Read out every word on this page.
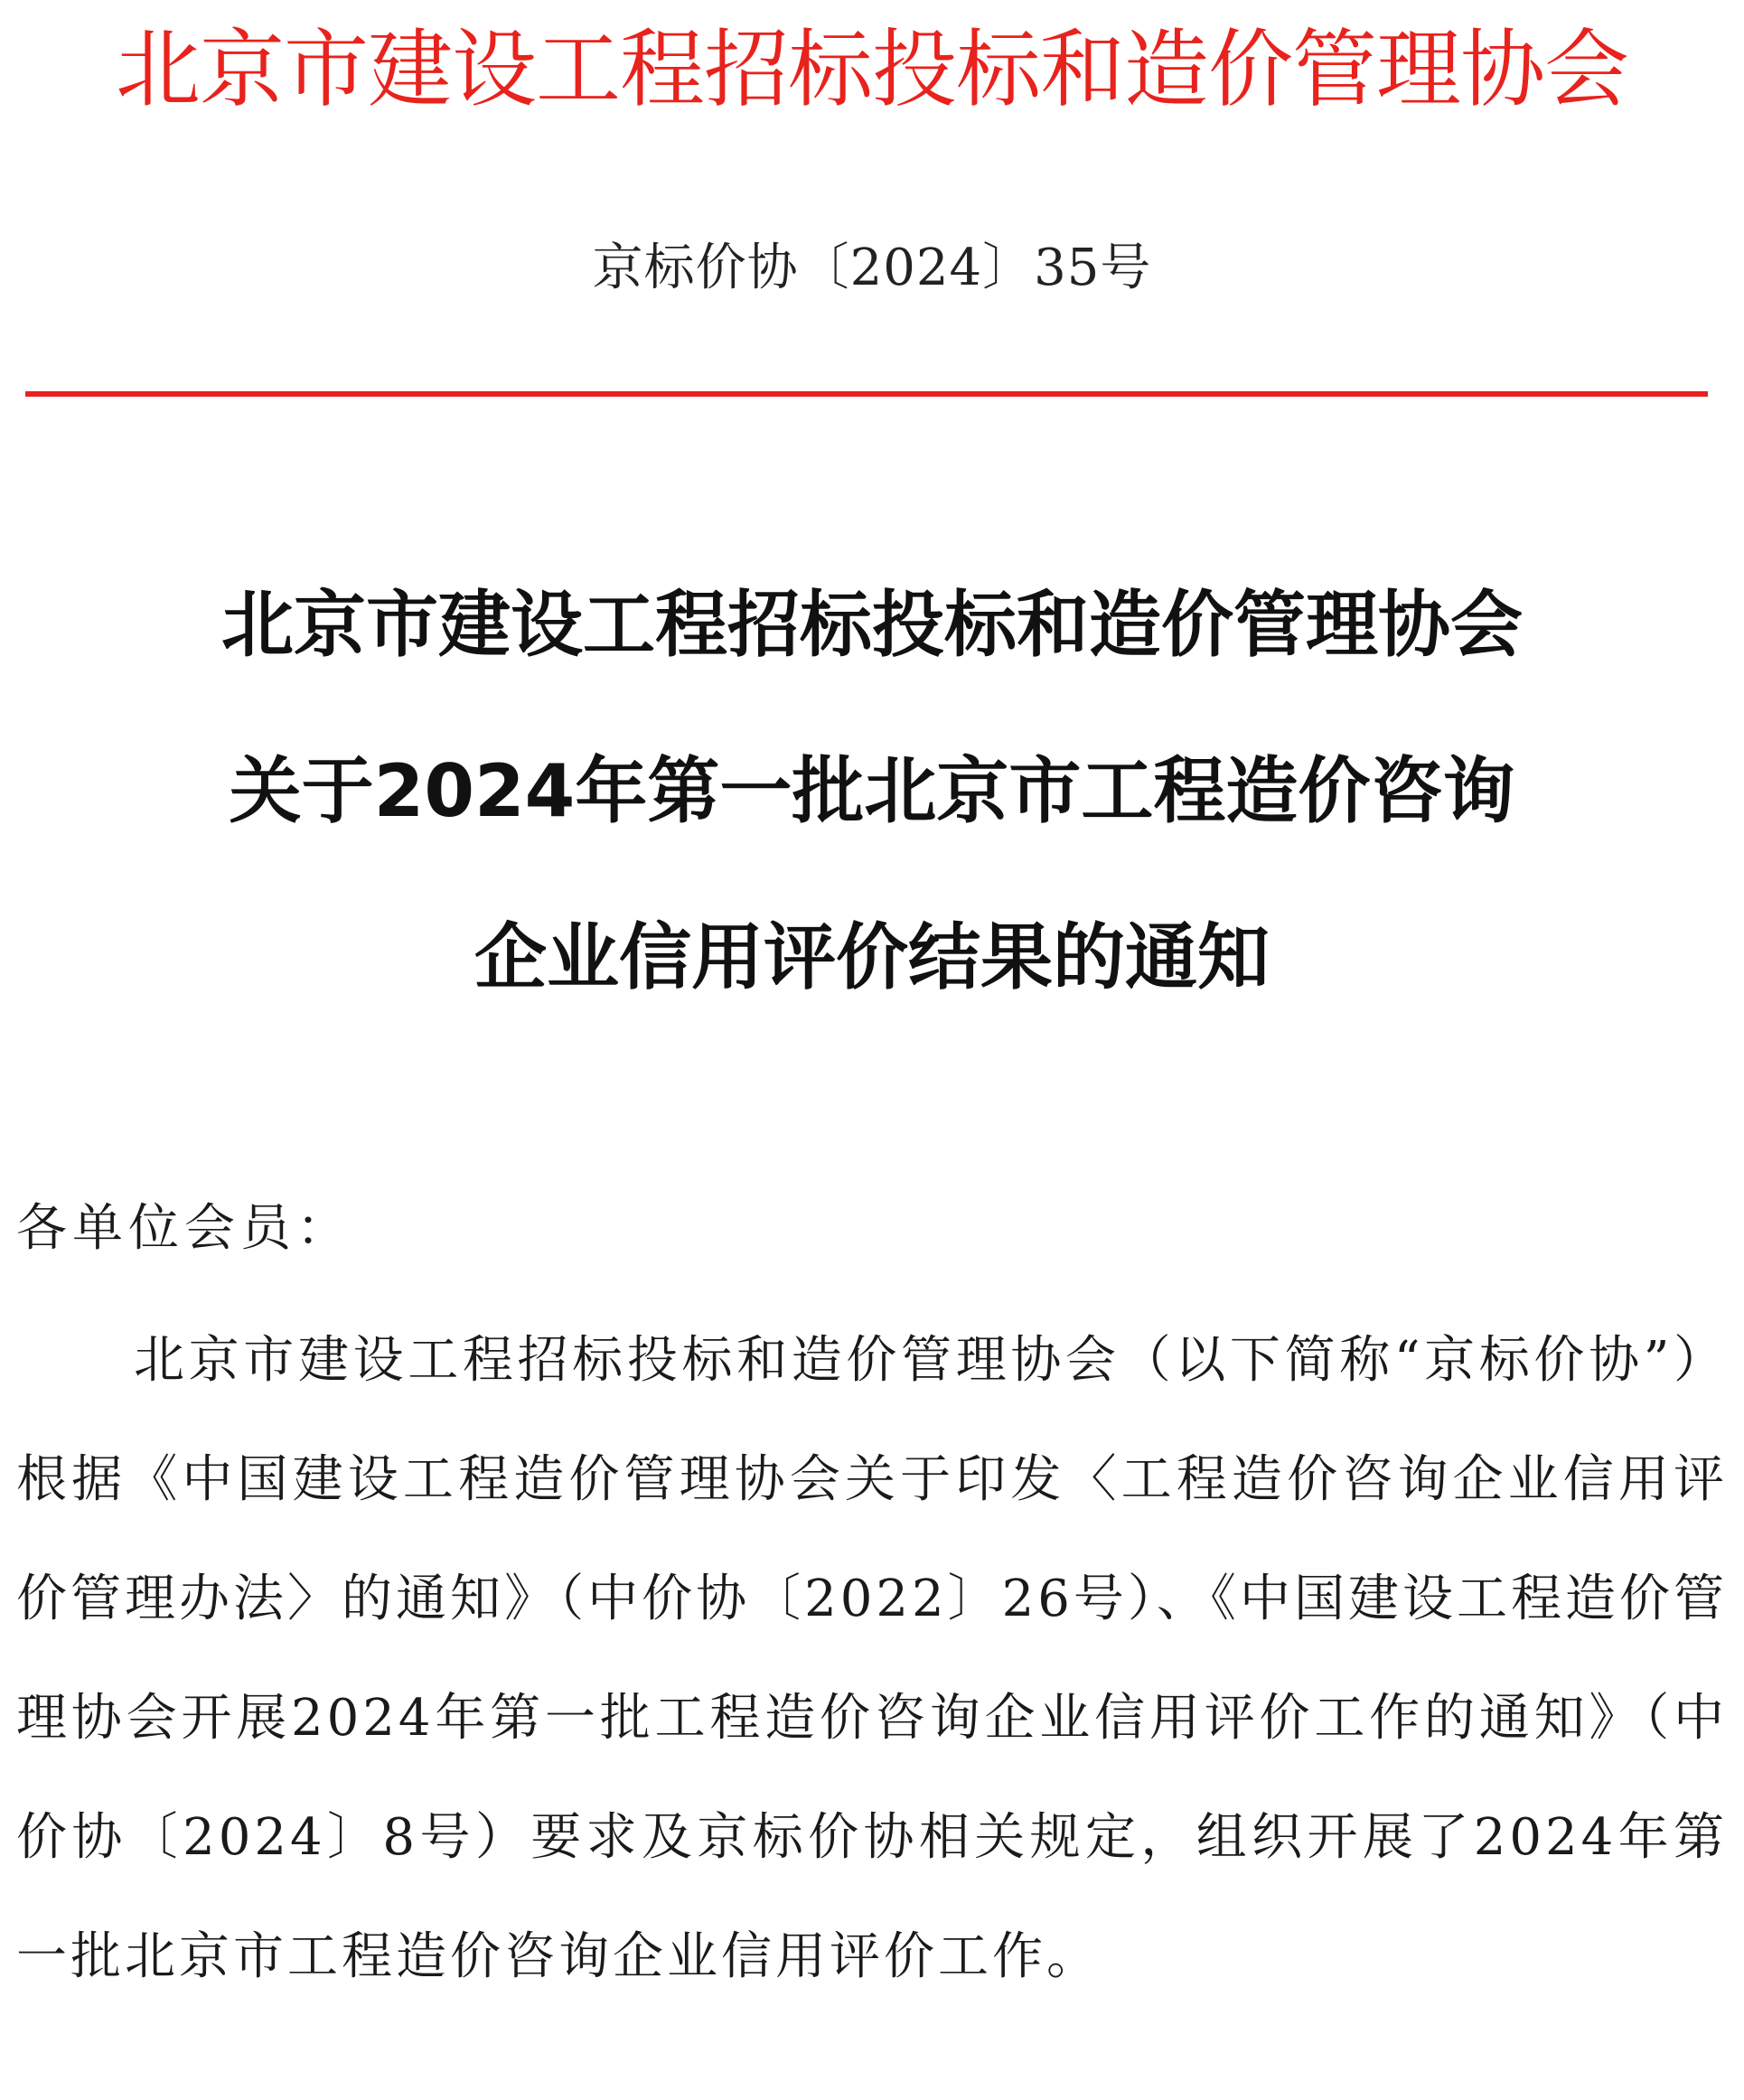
北京市建设工程招标投标和造价管理协会
京标价协〔2024〕35号
北京市建设工程招标投标和造价管理协会
关于2024年第一批北京市工程造价咨询
企业信用评价结果的通知
各单位会员：

北京市建设工程招标投标和造价管理协会（以下简称“京标价协”）根据《中国建设工程造价管理协会关于印发〈工程造价咨询企业信用评价管理办法〉的通知》（中价协〔2022〕26号）、《中国建设工程造价管理协会开展2024年第一批工程造价咨询企业信用评价工作的通知》（中价协〔2024〕8号）要求及京标价协相关规定，组织开展了2024年第一批北京市工程造价咨询企业信用评价工作。
